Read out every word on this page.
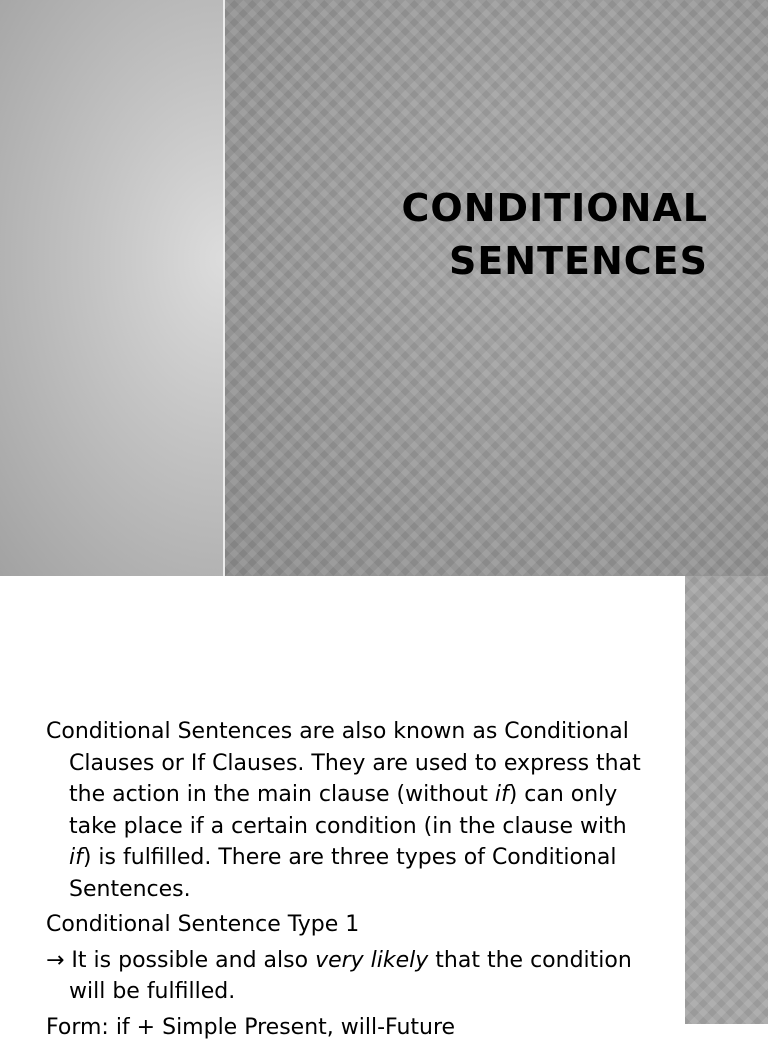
CONDITIONAL
SENTENCES

Conditional Sentences are also known as Conditional Clauses or If Clauses. They are used to express that the action in the main clause (without if) can only take place if a certain condition (in the clause with if) is fulfilled. There are three types of Conditional Sentences.

Conditional Sentence Type 1

→ It is possible and also very likely that the condition will be fulfilled.

Form: if + Simple Present, will-Future
